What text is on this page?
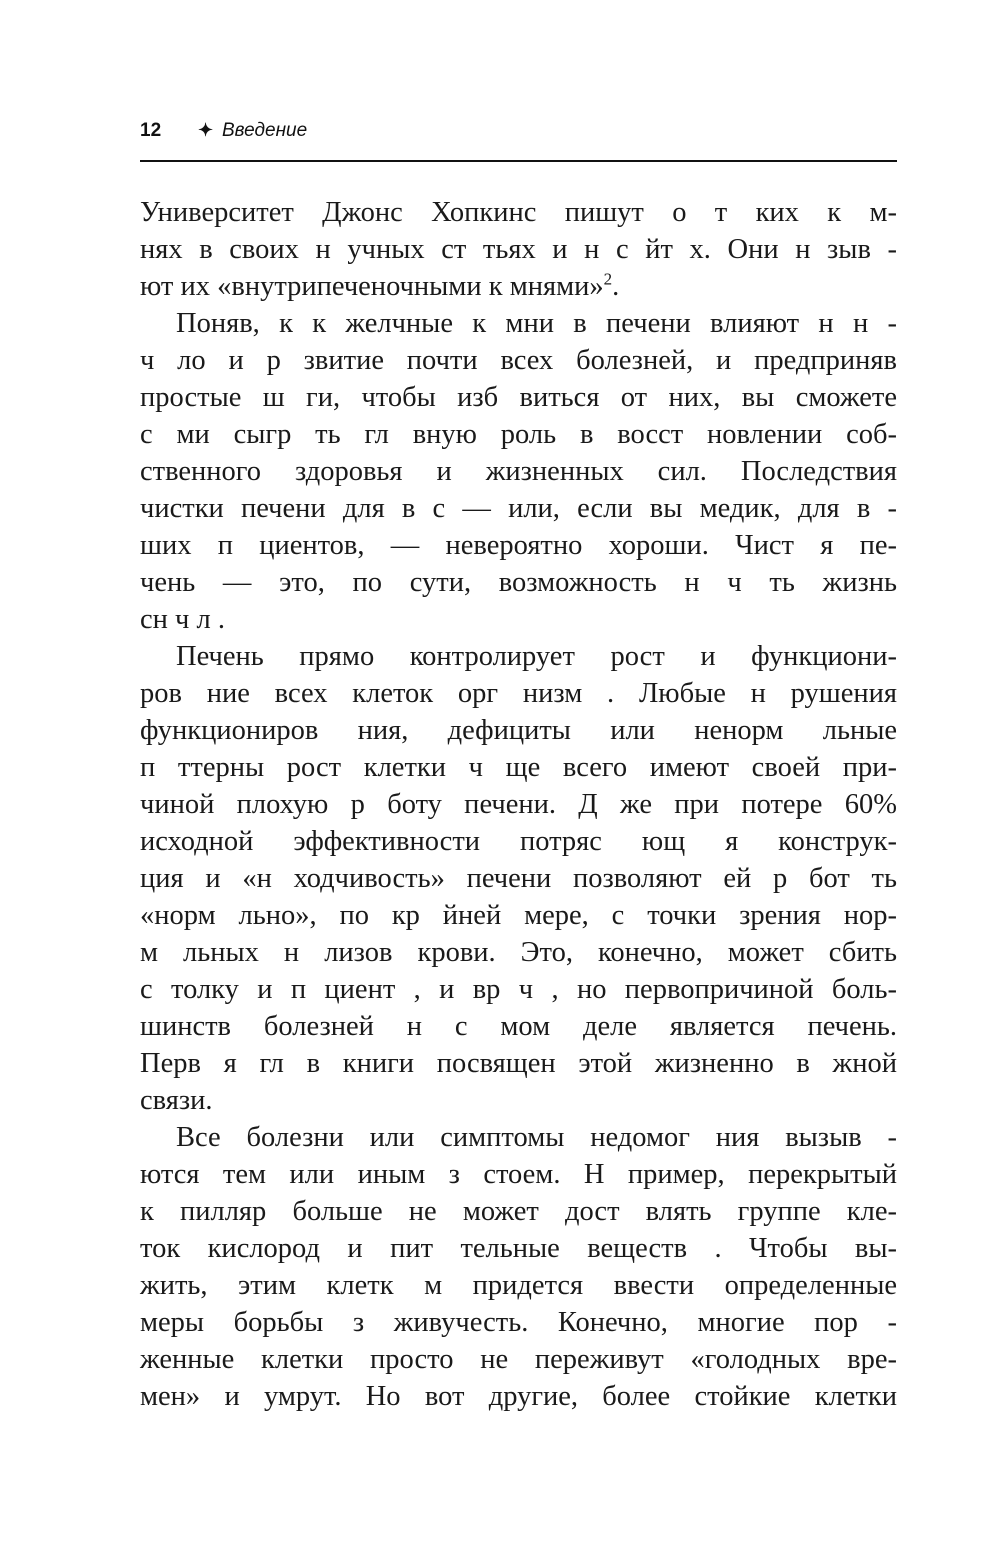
12 ✦ Введение
Университет Джонс Хопкинс пишут о т ких к м-
нях в своих н учных ст тьях и н с йт х. Они н зыв -
ют их «внутрипеченочными к мнями»$^2$.
Поняв, к к желчные к мни в печени влияют н н -
ч ло и р звитие почти всех болезней, и предприняв
простые ш ги, чтобы изб виться от них, вы сможете
с ми сыгр ть гл вную роль в восст новлении соб-
ственного здоровья и жизненных сил. Последствия
чистки печени для в с — или, если вы медик, для в -
ших п циентов, — невероятно хороши. Чист я пе-
чень — это, по сути, возможность н ч ть жизнь
сн ч л .
Печень прямо контролирует рост и функциони-
ров ние всех клеток орг низм . Любые н рушения
функциониров ния, дефициты или ненорм льные
п ттерны рост клетки ч ще всего имеют своей при-
чиной плохую р боту печени. Д же при потере 60%
исходной эффективности потряс ющ я конструк-
ция и «н ходчивость» печени позволяют ей р бот ть
«норм льно», по кр йней мере, с точки зрения нор-
м льных н лизов крови. Это, конечно, может сбить
с толку и п циент , и вр ч , но первопричиной боль-
шинств болезней н с мом деле является печень.
Перв я гл в книги посвящен этой жизненно в жной
связи.
Все болезни или симптомы недомог ния вызыв -
ются тем или иным з стоем. Н пример, перекрытый
к пилляр больше не может дост влять группе кле-
ток кислород и пит тельные веществ . Чтобы вы-
жить, этим клетк м придется ввести определенные
меры борьбы з живучесть. Конечно, многие пор -
женные клетки просто не переживут «голодных вре-
мен» и умрут. Но вот другие, более стойкие клетки
